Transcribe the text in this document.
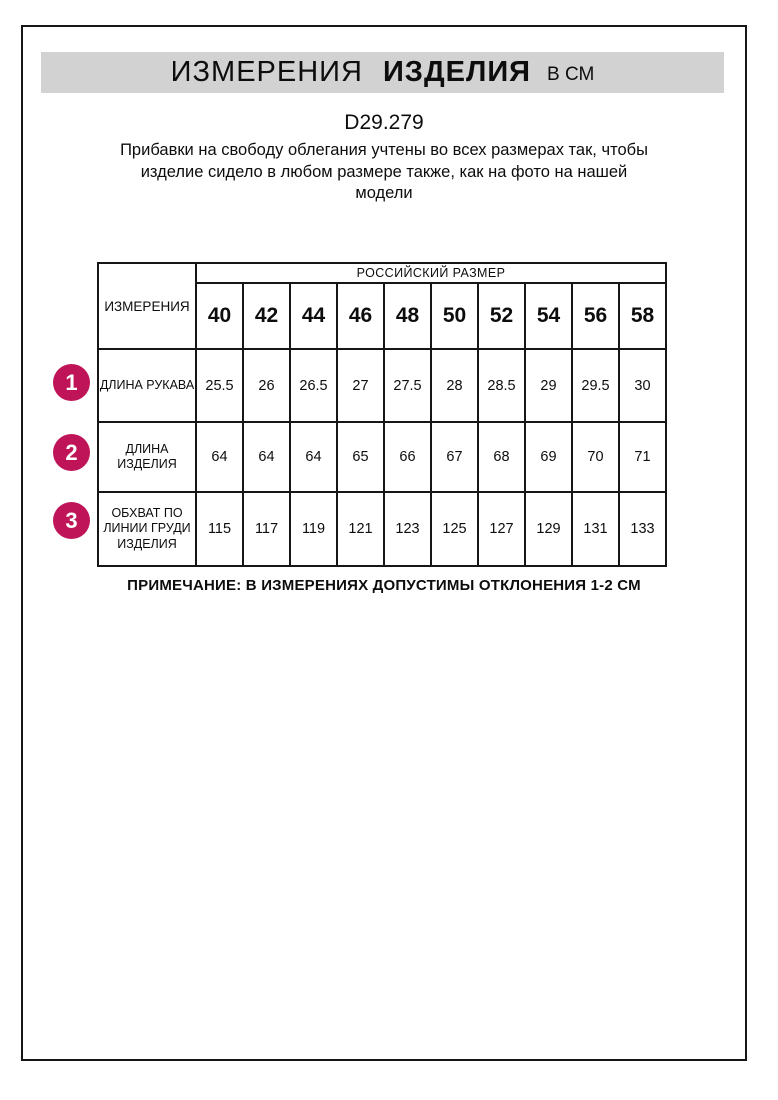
ИЗМЕРЕНИЯ ИЗДЕЛИЯ В СМ
D29.279
Прибавки на свободу облегания учтены во всех размерах так, чтобы
изделие сидело в любом размере также, как на фото на нашей
модели
ИЗМЕРЕНИЯ	РОССИЙСКИЙ РАЗМЕР									
	40	42	44	46	48	50	52	54	56	58
ДЛИНА РУКАВА	25.5	26	26.5	27	27.5	28	28.5	29	29.5	30
ДЛИНА ИЗДЕЛИЯ	64	64	64	65	66	67	68	69	70	71
ОБХВАТ ПО ЛИНИИ ГРУДИ ИЗДЕЛИЯ	115	117	119	121	123	125	127	129	131	133
1
2
3
ПРИМЕЧАНИЕ: В ИЗМЕРЕНИЯХ ДОПУСТИМЫ ОТКЛОНЕНИЯ 1-2 СМ
